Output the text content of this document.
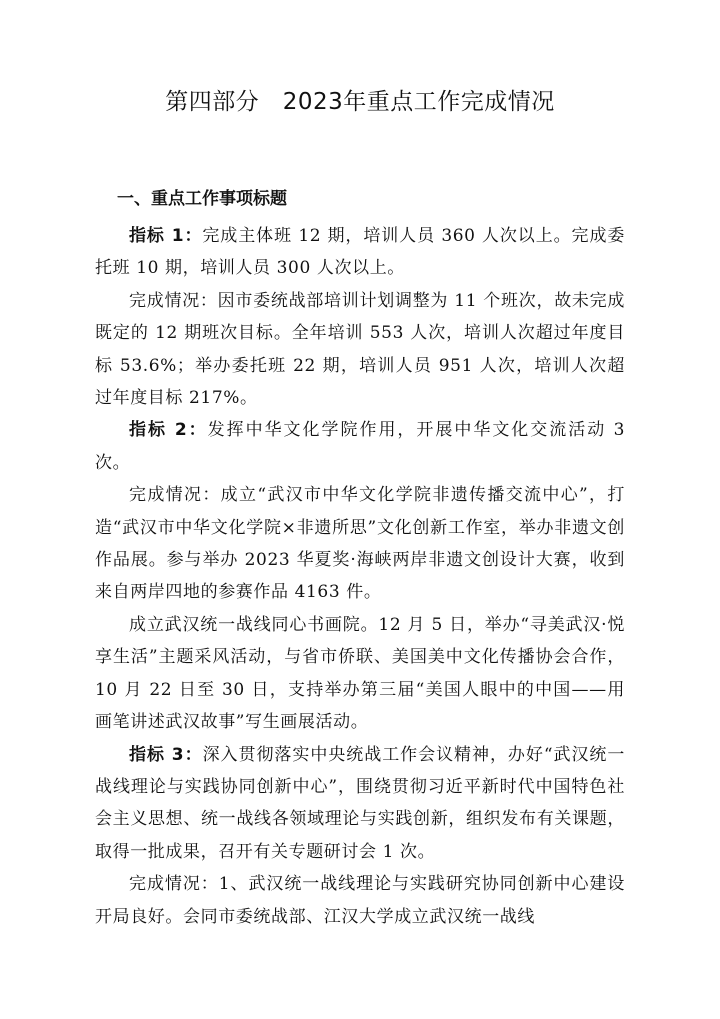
第四部分　2023年重点工作完成情况
一、重点工作事项标题

指标 1：完成主体班 12 期，培训人员 360 人次以上。完成委托班 10 期，培训人员 300 人次以上。

完成情况：因市委统战部培训计划调整为 11 个班次，故未完成既定的 12 期班次目标。全年培训 553 人次，培训人次超过年度目标 53.6%；举办委托班 22 期，培训人员 951 人次，培训人次超过年度目标 217%。

指标 2：发挥中华文化学院作用，开展中华文化交流活动 3 次。

完成情况：成立“武汉市中华文化学院非遗传播交流中心”，打造“武汉市中华文化学院×非遗所思”文化创新工作室，举办非遗文创作品展。参与举办 2023 华夏奖·海峡两岸非遗文创设计大赛，收到来自两岸四地的参赛作品 4163 件。

成立武汉统一战线同心书画院。12 月 5 日，举办“寻美武汉·悦享生活”主题采风活动，与省市侨联、美国美中文化传播协会合作，10 月 22 日至 30 日，支持举办第三届“美国人眼中的中国——用画笔讲述武汉故事”写生画展活动。

指标 3：深入贯彻落实中央统战工作会议精神，办好“武汉统一战线理论与实践协同创新中心”，围绕贯彻习近平新时代中国特色社会主义思想、统一战线各领域理论与实践创新，组织发布有关课题，取得一批成果，召开有关专题研讨会 1 次。

完成情况：1、武汉统一战线理论与实践研究协同创新中心建设开局良好。会同市委统战部、江汉大学成立武汉统一战线
